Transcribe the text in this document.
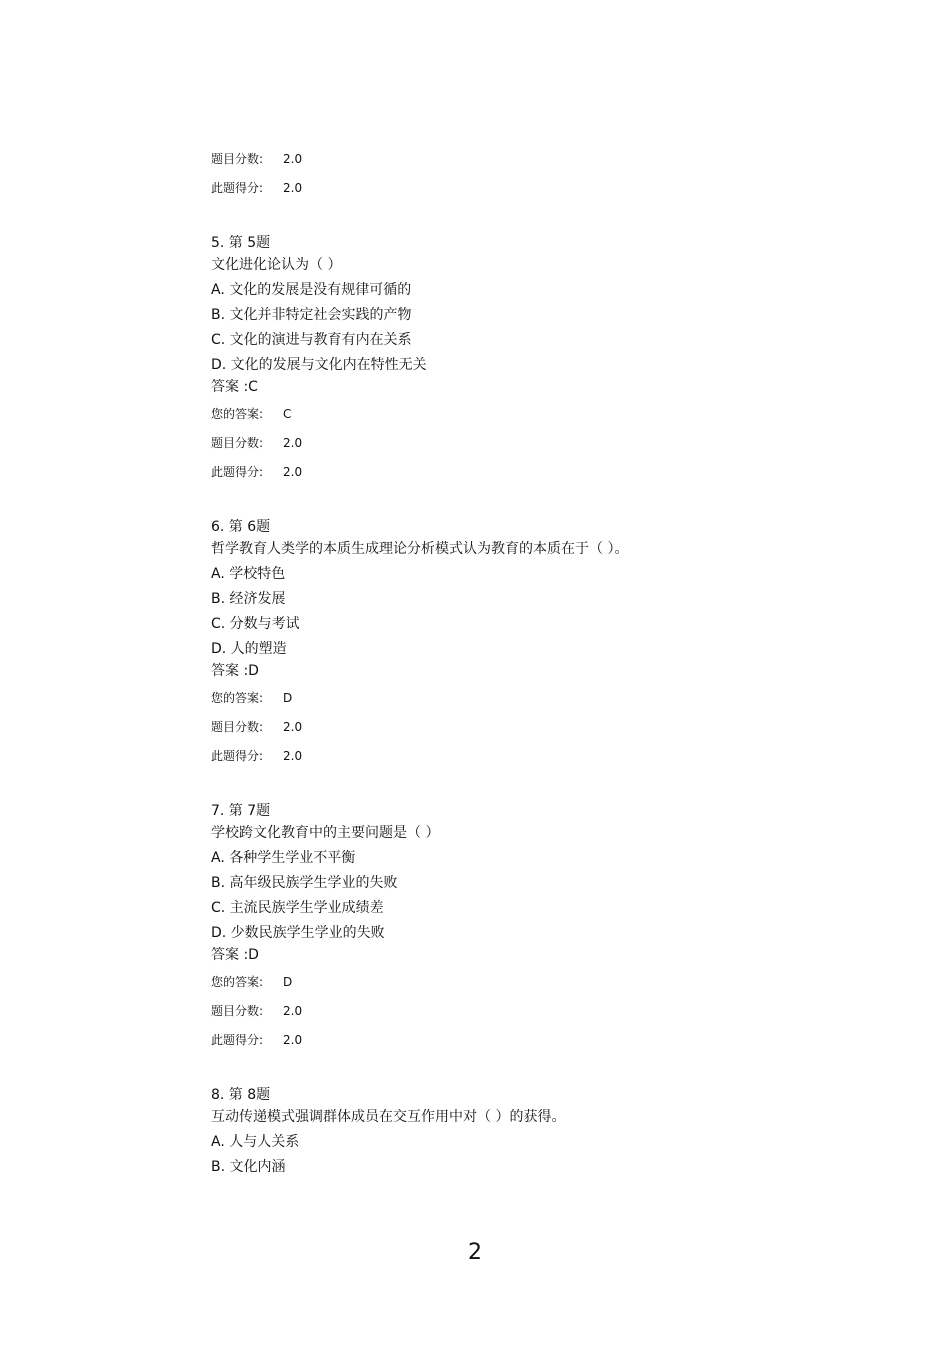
题目分数: 2.0
此题得分: 2.0
5. 第 5题
文化进化论认为（ ）
A. 文化的发展是没有规律可循的
B. 文化并非特定社会实践的产物
C. 文化的演进与教育有内在关系
D. 文化的发展与文化内在特性无关
答案 :C
您的答案: C
题目分数: 2.0
此题得分: 2.0
6. 第 6题
哲学教育人类学的本质生成理论分析模式认为教育的本质在于（ ）。
A. 学校特色
B. 经济发展
C. 分数与考试
D. 人的塑造
答案 :D
您的答案: D
题目分数: 2.0
此题得分: 2.0
7. 第 7题
学校跨文化教育中的主要问题是（ ）
A. 各种学生学业不平衡
B. 高年级民族学生学业的失败
C. 主流民族学生学业成绩差
D. 少数民族学生学业的失败
答案 :D
您的答案: D
题目分数: 2.0
此题得分: 2.0
8. 第 8题
互动传递模式强调群体成员在交互作用中对（ ）的获得。
A. 人与人关系
B. 文化内涵
2
